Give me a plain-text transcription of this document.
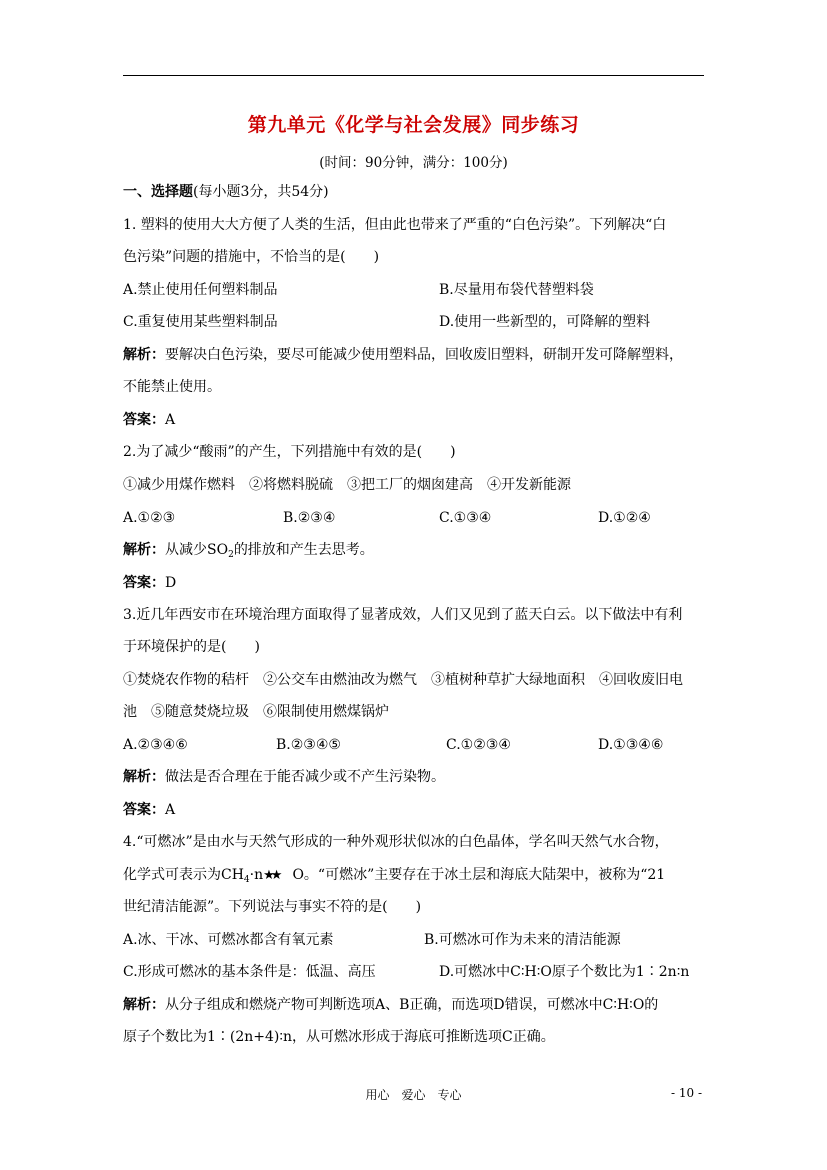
第九单元《化学与社会发展》同步练习
(时间：90分钟，满分：100分)
一、选择题(每小题3分，共54分)
1. 塑料的使用大大方便了人类的生活，但由此也带来了严重的“白色污染”。下列解决“白
色污染”问题的措施中，不恰当的是(　　)
A.禁止使用任何塑料制品	B.尽量用布袋代替塑料袋
C.重复使用某些塑料制品	D.使用一些新型的，可降解的塑料
解析：要解决白色污染，要尽可能减少使用塑料品，回收废旧塑料，研制开发可降解塑料，
不能禁止使用。
答案：A
2.为了减少“酸雨”的产生，下列措施中有效的是(　　)
①减少用煤作燃料　②将燃料脱硫　③把工厂的烟囱建高　④开发新能源
A.①②③	B.②③④	C.①③④	D.①②④
解析：从减少$SO_2$的排放和产生去思考。
答案：D
3.近几年西安市在环境治理方面取得了显著成效，人们又见到了蓝天白云。以下做法中有利
于环境保护的是(　　)
①焚烧农作物的秸杆　②公交车由燃油改为燃气　③植树种草扩大绿地面积　④回收废旧电
池　⑤随意焚烧垃圾　⑥限制使用燃煤锅炉
A.②③④⑥	B.②③④⑤	C.①②③④	D.①③④⑥
解析：做法是否合理在于能否减少或不产生污染物。
答案：A
4.“可燃冰”是由水与天然气形成的一种外观形状似冰的白色晶体，学名叫天然气水合物，
化学式可表示为$CH_4\cdot n★★$ O。“可燃冰”主要存在于冰土层和海底大陆架中，被称为“21
世纪清洁能源”。下列说法与事实不符的是(　　)
A.冰、干冰、可燃冰都含有氧元素	B.可燃冰可作为未来的清洁能源
C.形成可燃冰的基本条件是：低温、高压	D.可燃冰中C∶H∶O原子个数比为1∶2n∶n
解析：从分子组成和燃烧产物可判断选项A、B正确，而选项D错误，可燃冰中C∶H∶O的
原子个数比为1∶(2n+4)∶n，从可燃冰形成于海底可推断选项C正确。
用心　爱心　专心	- 10 -
